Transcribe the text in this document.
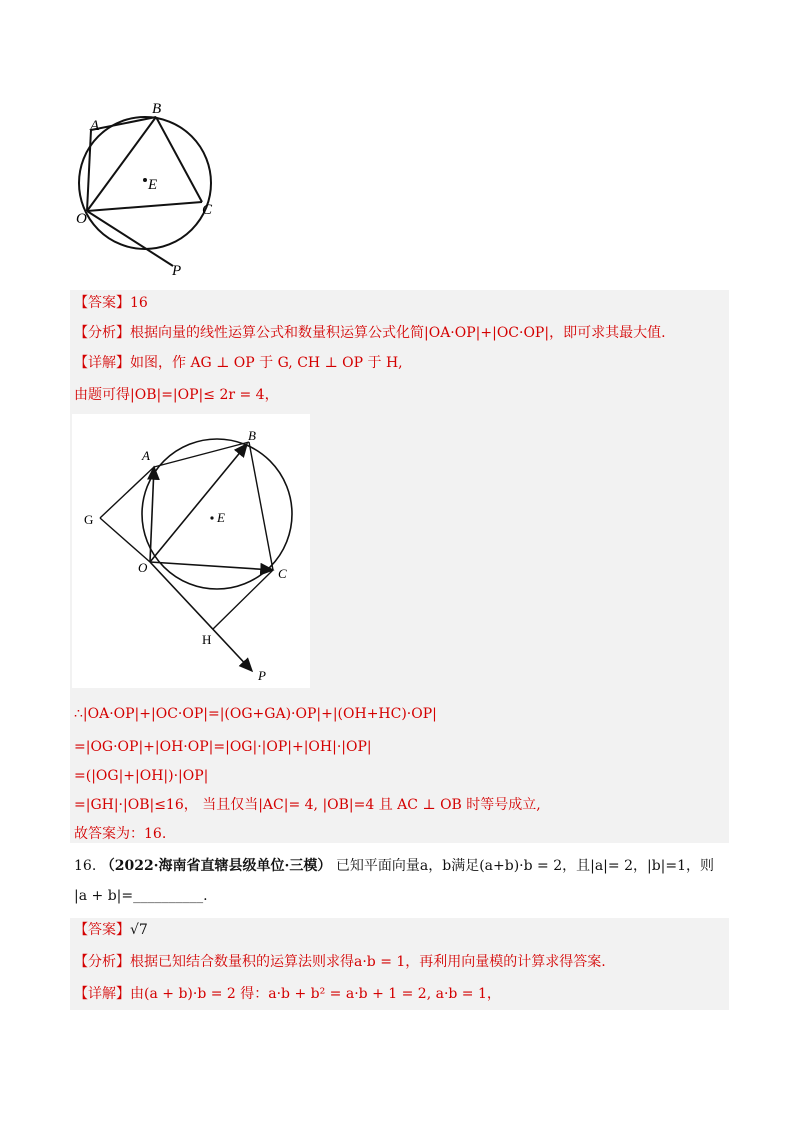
A
B
C
E
O
P
【答案】16
【分析】根据向量的线性运算公式和数量积运算公式化简|OA·OP|+|OC·OP|，即可求其最大值.
【详解】如图，作 AG ⊥ OP 于 G, CH ⊥ OP 于 H,
由题可得|OB|=|OP|≤ 2r = 4，
A
B
C
E
O
G
H
P
∴|OA·OP|+|OC·OP|=|(OG+GA)·OP|+|(OH+HC)·OP|
=|OG·OP|+|OH·OP|=|OG|·|OP|+|OH|·|OP|
=(|OG|+|OH|)·|OP|
=|GH|·|OB|≤16， 当且仅当|AC|= 4, |OB|=4 且 AC ⊥ OB 时等号成立,
故答案为：16.
16. （2022·海南省直辖县级单位·三模） 已知平面向量a，b满足(a+b)·b = 2，且|a|= 2，|b|=1，则
|a + b|=__________.
【答案】√7
【分析】根据已知结合数量积的运算法则求得a·b = 1，再利用向量模的计算求得答案.
【详解】由(a + b)·b = 2 得：a·b + b² = a·b + 1 = 2, a·b = 1，
